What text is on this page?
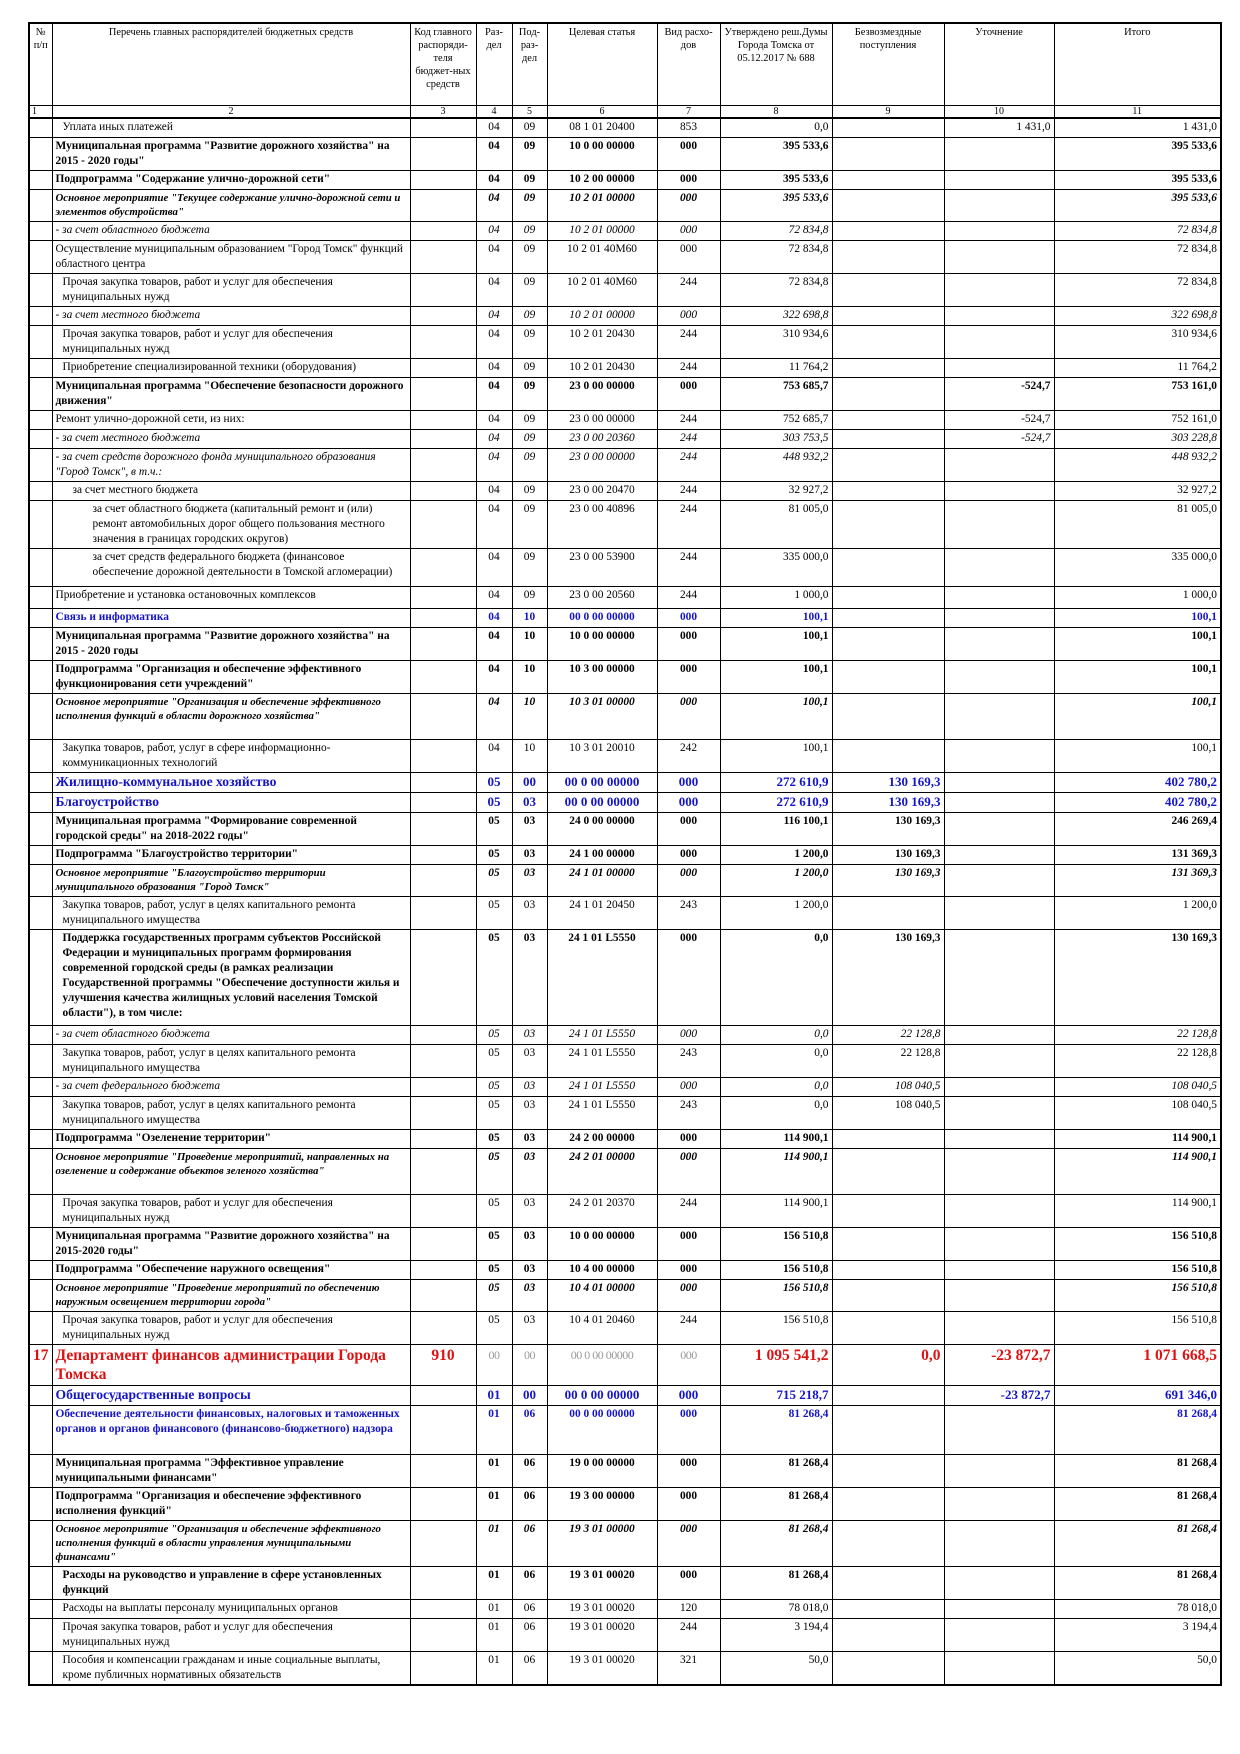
№ п/п	Перечень главных распорядителей бюджетных средств	Код главного распоряди-теля бюджет-ных средств	Раз-дел	Под-раз-дел	Целевая статья	Вид расхо-дов	Утверждено реш.Думы Города Томска от 05.12.2017 № 688	Безвозмездные поступления	Уточнение	Итого
1	2	3	4	5	6	7	8	9	10	11
	Уплата иных платежей		04	09	08 1 01 20400	853	0,0		1 431,0	1 431,0
	Муниципальная программа "Развитие дорожного хозяйства" на 2015 - 2020 годы"		04	09	10 0 00 00000	000	395 533,6			395 533,6
	Подпрограмма "Содержание улично-дорожной сети"		04	09	10 2 00 00000	000	395 533,6			395 533,6
	Основное мероприятие "Текущее содержание улично-дорожной сети и элементов обустройства"		04	09	10 2 01 00000	000	395 533,6			395 533,6
	- за счет областного бюджета		04	09	10 2 01 00000	000	72 834,8			72 834,8
	Осуществление муниципальным образованием "Город Томск" функций областного центра		04	09	10 2 01 40М60	000	72 834,8			72 834,8
	Прочая закупка товаров, работ и услуг для обеспечения муниципальных нужд		04	09	10 2 01 40М60	244	72 834,8			72 834,8
	- за счет местного бюджета		04	09	10 2 01 00000	000	322 698,8			322 698,8
	Прочая закупка товаров, работ и услуг для обеспечения муниципальных нужд		04	09	10 2 01 20430	244	310 934,6			310 934,6
	Приобретение специализированной техники (оборудования)		04	09	10 2 01 20430	244	11 764,2			11 764,2
	Муниципальная программа "Обеспечение безопасности дорожного движения"		04	09	23 0 00 00000	000	753 685,7		-524,7	753 161,0
	Ремонт улично-дорожной сети, из них:		04	09	23 0 00 00000	244	752 685,7		-524,7	752 161,0
	- за счет местного бюджета		04	09	23 0 00 20360	244	303 753,5		-524,7	303 228,8
	- за счет средств дорожного фонда муниципального образования "Город Томск", в т.ч.:		04	09	23 0 00 00000	244	448 932,2			448 932,2
	за счет местного бюджета		04	09	23 0 00 20470	244	32 927,2			32 927,2
	за счет областного бюджета (капитальный ремонт и (или) ремонт автомобильных дорог общего пользования местного значения в границах городских округов)		04	09	23 0 00 40896	244	81 005,0			81 005,0
	за счет средств федерального бюджета (финансовое обеспечение дорожной деятельности в Томской агломерации)		04	09	23 0 00 53900	244	335 000,0			335 000,0
	Приобретение и установка остановочных комплексов		04	09	23 0 00 20560	244	1 000,0			1 000,0
	Связь и информатика		04	10	00 0 00 00000	000	100,1			100,1
	Муниципальная программа "Развитие дорожного хозяйства" на 2015 - 2020 годы		04	10	10 0 00 00000	000	100,1			100,1
	Подпрограмма "Организация и обеспечение эффективного функционирования сети учреждений"		04	10	10 3 00 00000	000	100,1			100,1
	Основное мероприятие "Организация и обеспечение эффективного исполнения функций в области дорожного хозяйства"		04	10	10 3 01 00000	000	100,1			100,1
	Закупка товаров, работ, услуг в сфере информационно-коммуникационных технологий		04	10	10 3 01 20010	242	100,1			100,1
	Жилищно-коммунальное хозяйство		05	00	00 0 00 00000	000	272 610,9	130 169,3		402 780,2
	Благоустройство		05	03	00 0 00 00000	000	272 610,9	130 169,3		402 780,2
	Муниципальная программа "Формирование современной городской среды" на 2018-2022 годы"		05	03	24 0 00 00000	000	116 100,1	130 169,3		246 269,4
	Подпрограмма "Благоустройство территории"		05	03	24 1 00 00000	000	1 200,0	130 169,3		131 369,3
	Основное мероприятие "Благоустройство территории муниципального образования "Город Томск"		05	03	24 1 01 00000	000	1 200,0	130 169,3		131 369,3
	Закупка товаров, работ, услуг в целях капитального ремонта муниципального имущества		05	03	24 1 01 20450	243	1 200,0			1 200,0
	Поддержка государственных программ субъектов Российской Федерации и муниципальных программ формирования современной городской среды (в рамках реализации Государственной программы "Обеспечение доступности жилья и улучшения качества жилищных условий населения Томской области"), в том числе:		05	03	24 1 01 L5550	000	0,0	130 169,3		130 169,3
	- за счет областного бюджета		05	03	24 1 01 L5550	000	0,0	22 128,8		22 128,8
	Закупка товаров, работ, услуг в целях капитального ремонта муниципального имущества		05	03	24 1 01 L5550	243	0,0	22 128,8		22 128,8
	- за счет федерального бюджета		05	03	24 1 01 L5550	000	0,0	108 040,5		108 040,5
	Закупка товаров, работ, услуг в целях капитального ремонта муниципального имущества		05	03	24 1 01 L5550	243	0,0	108 040,5		108 040,5
	Подпрограмма "Озеленение территории"		05	03	24 2 00 00000	000	114 900,1			114 900,1
	Основное мероприятие "Проведение мероприятий, направленных на озеленение и содержание объектов зеленого хозяйства"		05	03	24 2 01 00000	000	114 900,1			114 900,1
	Прочая закупка товаров, работ и услуг для обеспечения муниципальных нужд		05	03	24 2 01 20370	244	114 900,1			114 900,1
	Муниципальная программа "Развитие дорожного хозяйства" на 2015-2020 годы"		05	03	10 0 00 00000	000	156 510,8			156 510,8
	Подпрограмма "Обеспечение наружного освещения"		05	03	10 4 00 00000	000	156 510,8			156 510,8
	Основное мероприятие "Проведение мероприятий по обеспечению наружным освещением территории города"		05	03	10 4 01 00000	000	156 510,8			156 510,8
	Прочая закупка товаров, работ и услуг для обеспечения муниципальных нужд		05	03	10 4 01 20460	244	156 510,8			156 510,8
17	Департамент финансов администрации Города Томска	910	00	00	00 0 00 00000	000	1 095 541,2	0,0	-23 872,7	1 071 668,5
	Общегосударственные вопросы		01	00	00 0 00 00000	000	715 218,7		-23 872,7	691 346,0
	Обеспечение деятельности финансовых, налоговых и таможенных органов и органов финансового (финансово-бюджетного) надзора		01	06	00 0 00 00000	000	81 268,4			81 268,4
	Муниципальная программа "Эффективное управление муниципальными финансами"		01	06	19 0 00 00000	000	81 268,4			81 268,4
	Подпрограмма "Организация и обеспечение эффективного исполнения функций"		01	06	19 3 00 00000	000	81 268,4			81 268,4
	Основное мероприятие "Организация и обеспечение эффективного исполнения функций в области управления муниципальными финансами"		01	06	19 3 01 00000	000	81 268,4			81 268,4
	Расходы на руководство и управление в сфере установленных функций		01	06	19 3 01 00020	000	81 268,4			81 268,4
	Расходы на выплаты персоналу муниципальных органов		01	06	19 3 01 00020	120	78 018,0			78 018,0
	Прочая закупка товаров, работ и услуг для обеспечения муниципальных нужд		01	06	19 3 01 00020	244	3 194,4			3 194,4
	Пособия и компенсации гражданам и иные социальные выплаты, кроме публичных нормативных обязательств		01	06	19 3 01 00020	321	50,0			50,0
